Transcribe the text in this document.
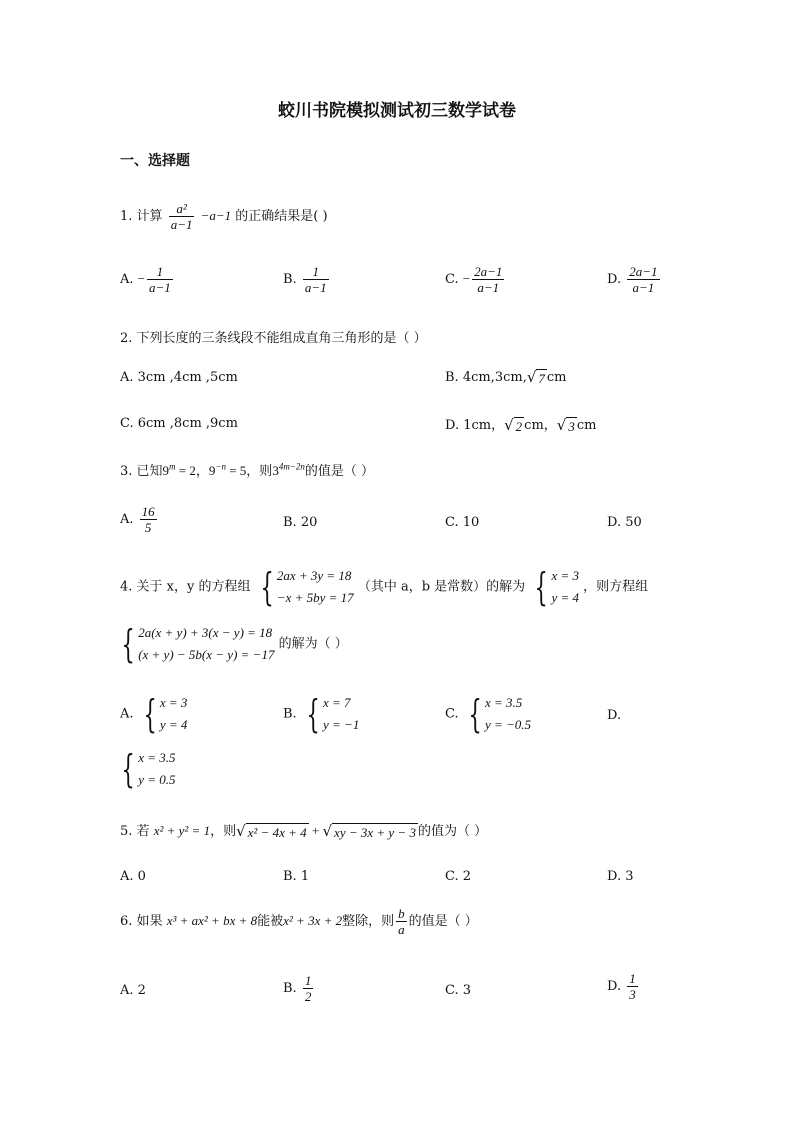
蛟川书院模拟测试初三数学试卷
一、选择题
1. 计算 $\frac{\text{a²}}{a-1} -a-1$ 的正确结果是( )
A. − $\frac{1}{a-1}$	B. $\frac{1}{a-1}$	C. − $\frac{2a-1}{a-1}$	D. $\frac{2a-1}{a-1}$
2. 下列长度的三条线段不能组成直角三角形的是（ ）
A. 3cm ,4cm ,5cm	B. 4cm,3cm, √ 7 cm
C. 6cm ,8cm ,9cm	D. 1cm， √ 2 cm， √ 3 cm
3. 已知$9^m = 2$，$9^{-n} = 5$，则$3^{4m-2n}$的值是（ ）
A. $\frac{16}{5}$	B. 20	C. 10	D. 50
4. 关于 x，y 的方程组 { 2ax + 3y = 18
−x + 5by = 17
（其中 a，b 是常数）的解为 { x = 3
y = 4
，则方程组
{ 2a(x + y) + 3(x − y) = 18
(x + y) − 5b(x − y) = −17
的解为（ ）
A. { x = 3
y = 4
B. { x = 7
y = −1
C. { x = 3.5
y = −0.5
D.
{ x = 3.5
y = 0.5
5. 若 x² + y² = 1，则 √ x² − 4x + 4 + √ xy − 3x + y − 3 的值为（ ）
A. 0	B. 1	C. 2	D. 3
6. 如果 x³ + ax² + bx + 8能被x² + 3x + 2整除，则 $\frac{b}{a}$ 的值是（ ）
A. 2	B. $\frac{1}{2}$	C. 3	D. $\frac{1}{3}$
